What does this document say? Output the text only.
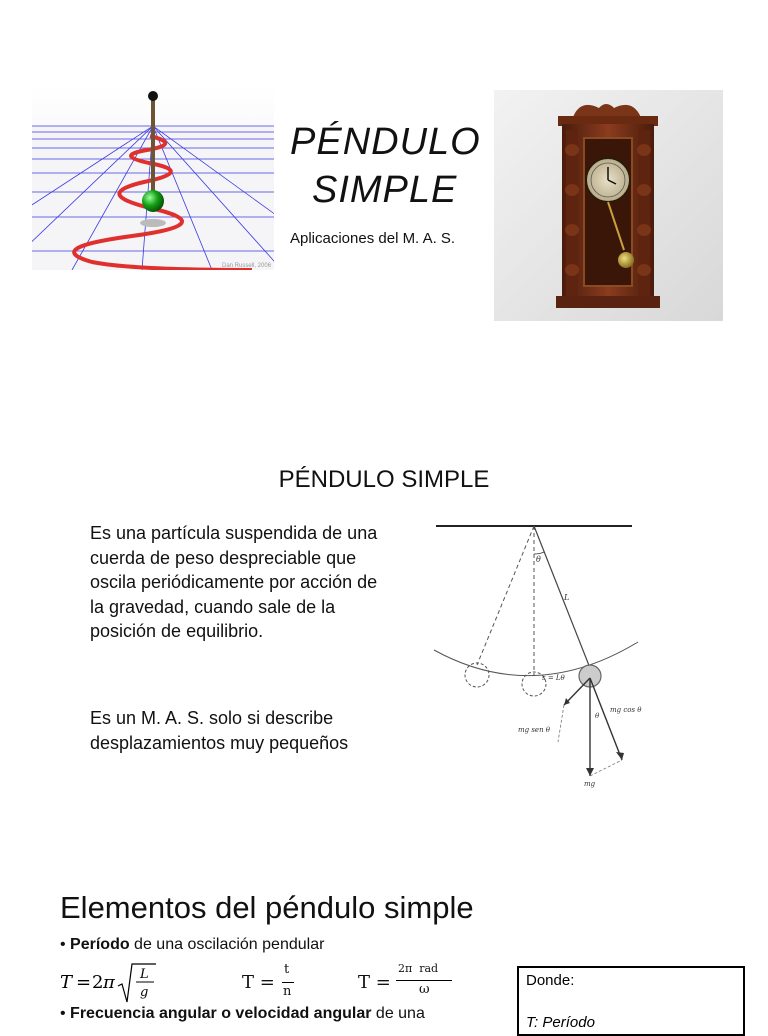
Dan Russell, 2006
PÉNDULO
SIMPLE
Aplicaciones del M. A. S.
PÉNDULO SIMPLE
Es una partícula suspendida de una cuerda de peso despreciable que oscila periódicamente por acción de la gravedad, cuando sale de la posición de equilibrio.
Es un M. A. S. solo si describe desplazamientos muy pequeños
θ
L
s = Lθ
mg cos θ
mg sen θ
θ
mg
Elementos del péndulo simple
• Período de una oscilación pendular
T = 2 π L
g	T =
t
n	T =
2π  rad
ω
• Frecuencia angular o velocidad angular de una
Donde:
T: Período
